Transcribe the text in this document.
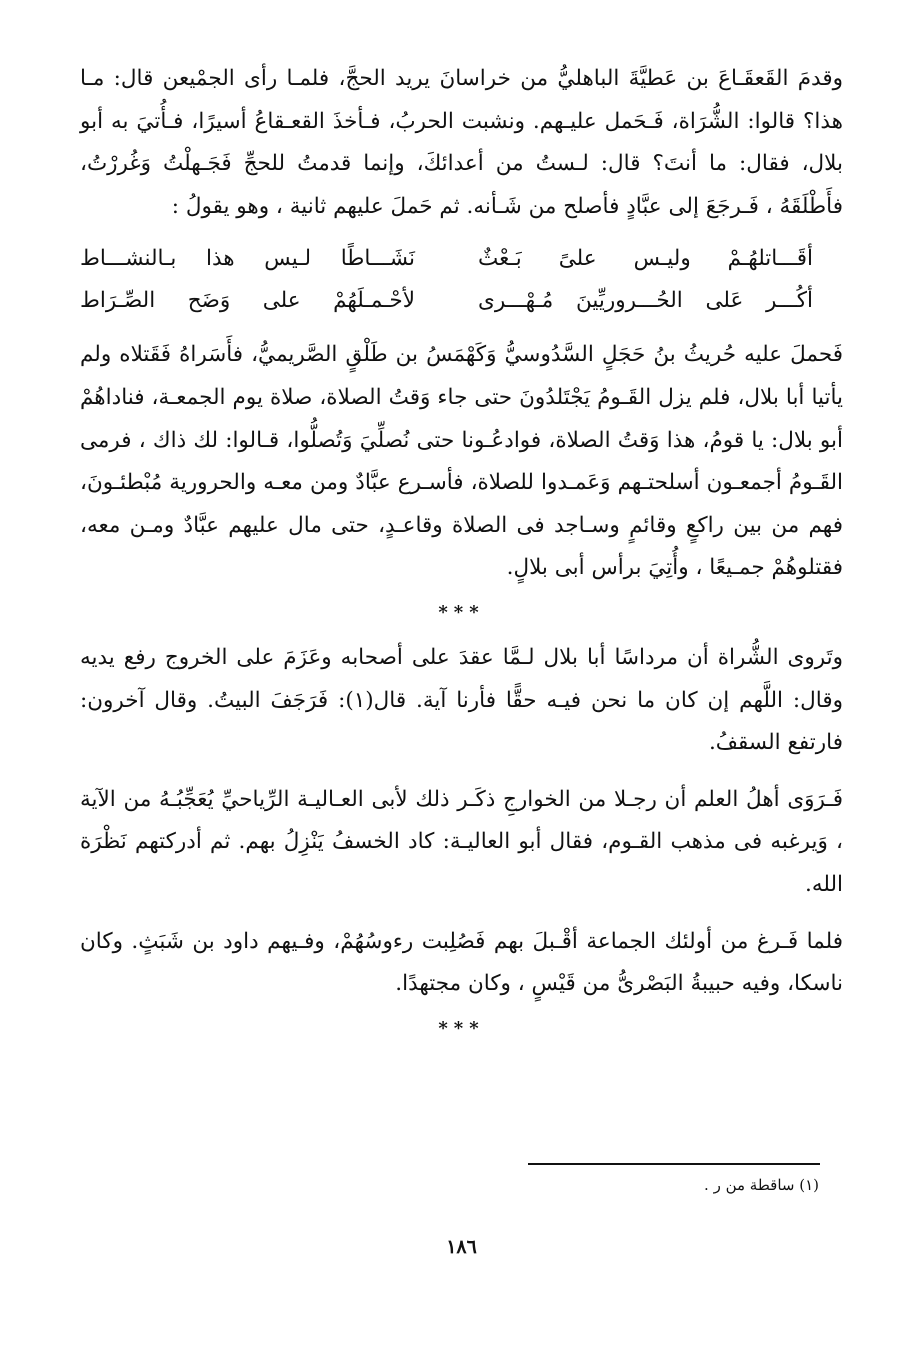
وقدمَ القَعقَـاعَ بن عَطيَّةَ الباهليُّ من خراسانَ يريد الحجَّ، فلمـا رأى الجمْيعن قال: مـا هذا؟ قالوا: الشُّرَاة، فَـحَمل عليـهم. ونشبت الحربُ، فـأخذَ القعـقاعُ أسيرًا، فـأُتيَ به أبو بلال، فقال: ما أنتَ؟ قال: لـستُ من أعدائكَ، وإنما قدمتُ للحجِّ فَجَـهلْتُ وَغُررْتُ، فأَطْلَقَهُ ، فَـرجَعَ إلى عبَّادٍ فأصلح من شَـأنه. ثم حَملَ عليهم ثانية ، وهو يقولُ :

أقَـــاتلهُـمْ وليـس علىً بَـعْثٌ
نَشَـــاطًا لـيس هذا بـالنشـــاط
أكُـــر عَلى الحُـــروريِّينَ مُـهْـــرى
لأحْـمـلَهُمْ على وَضَح الصِّـرَاط

فَحملَ عليه حُريثُ بنُ حَجَلٍ السَّدُوسيُّ وَكَهْمَسُ بن طَلْقٍ الصَّريميُّ، فأَسَراهُ فَقَتلاه ولم يأتيا أبا بلال، فلم يزل القَـومُ يَجْتَلدُونَ حتى جاء وَقتُ الصلاة، صلاة يوم الجمعـة، فناداهُمْ أبو بلال: يا قومُ، هذا وَقتُ الصلاة، فوادعُـونا حتى نُصلِّيَ وَتُصلُّوا، قـالوا: لك ذاك ، فرمى القَـومُ أجمعـون أسلحتـهم وَعَمـدوا للصلاة، فأسـرع عبَّادٌ ومن معـه والحرورية مُبْطئـونَ، فهم من بين راكعٍ وقائمٍ وسـاجد فى الصلاة وقاعـدٍ، حتى مال عليهم عبَّادٌ ومـن معه، فقتلوهُمْ جمـيعًا ، وأُتِيَ برأس أبى بلالٍ.

***

وتَروى الشُّراة أن مرداسًا أبا بلال لـمَّا عقدَ على أصحابه وعَزَمَ على الخروج رفع يديه وقال: اللَّهم إن كان ما نحن فيـه حقًّا فأرنا آية. قال(١): فَرَجَفَ البيتُ. وقال آخرون: فارتفع السقفُ.

فَـرَوَى أهلُ العلم أن رجـلا من الخوارجِ ذكَـر ذلك لأبى العـاليـة الرِّياحيِّ يُعَجِّبُـهُ من الآية ، وَيرغبه فى مذهب القـوم، فقال أبو العاليـة: كاد الخسفُ يَنْزِلُ بهم. ثم أدركتهم نَظْرَة الله.

فلما فَـرغ من أولئك الجماعة أقْـبلَ بهم فَصُلِبت رءوسُهُمْ، وفـيهم داود بن شَبَثٍ. وكان ناسكا، وفيه حبيبةُ البَصْرىُّ من قَيْسٍ ، وكان مجتهدًا.

***
(١) ساقطة من ر .
١٨٦
